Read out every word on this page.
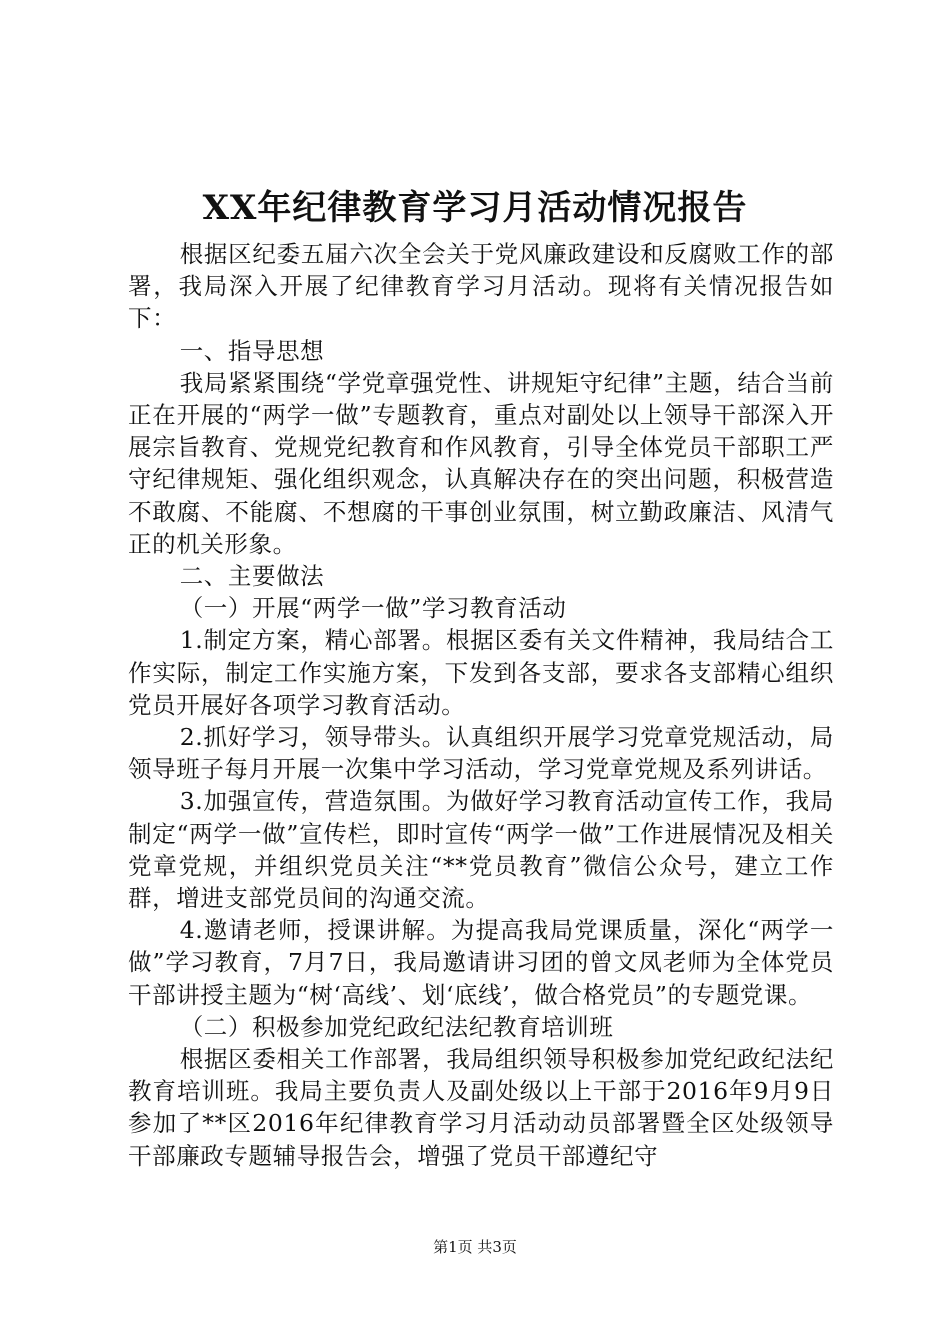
XX年纪律教育学习月活动情况报告

根据区纪委五届六次全会关于党风廉政建设和反腐败工作的部署，我局深入开展了纪律教育学习月活动。现将有关情况报告如下：

一、指导思想

我局紧紧围绕“学党章强党性、讲规矩守纪律”主题，结合当前正在开展的“两学一做”专题教育，重点对副处以上领导干部深入开展宗旨教育、党规党纪教育和作风教育，引导全体党员干部职工严守纪律规矩、强化组织观念，认真解决存在的突出问题，积极营造不敢腐、不能腐、不想腐的干事创业氛围，树立勤政廉洁、风清气正的机关形象。

二、主要做法

（一）开展“两学一做”学习教育活动

1.制定方案，精心部署。根据区委有关文件精神，我局结合工作实际，制定工作实施方案，下发到各支部，要求各支部精心组织党员开展好各项学习教育活动。

2.抓好学习，领导带头。认真组织开展学习党章党规活动，局领导班子每月开展一次集中学习活动，学习党章党规及系列讲话。

3.加强宣传，营造氛围。为做好学习教育活动宣传工作，我局制定“两学一做”宣传栏，即时宣传“两学一做”工作进展情况及相关党章党规，并组织党员关注“**党员教育”微信公众号，建立工作群，增进支部党员间的沟通交流。

4.邀请老师，授课讲解。为提高我局党课质量，深化“两学一做”学习教育，7月7日，我局邀请讲习团的曾文凤老师为全体党员干部讲授主题为“树‘高线’、划‘底线’，做合格党员”的专题党课。

（二）积极参加党纪政纪法纪教育培训班

根据区委相关工作部署，我局组织领导积极参加党纪政纪法纪教育培训班。我局主要负责人及副处级以上干部于2016年9月9日参加了**区2016年纪律教育学习月活动动员部署暨全区处级领导干部廉政专题辅导报告会，增强了党员干部遵纪守

第1页 共3页
